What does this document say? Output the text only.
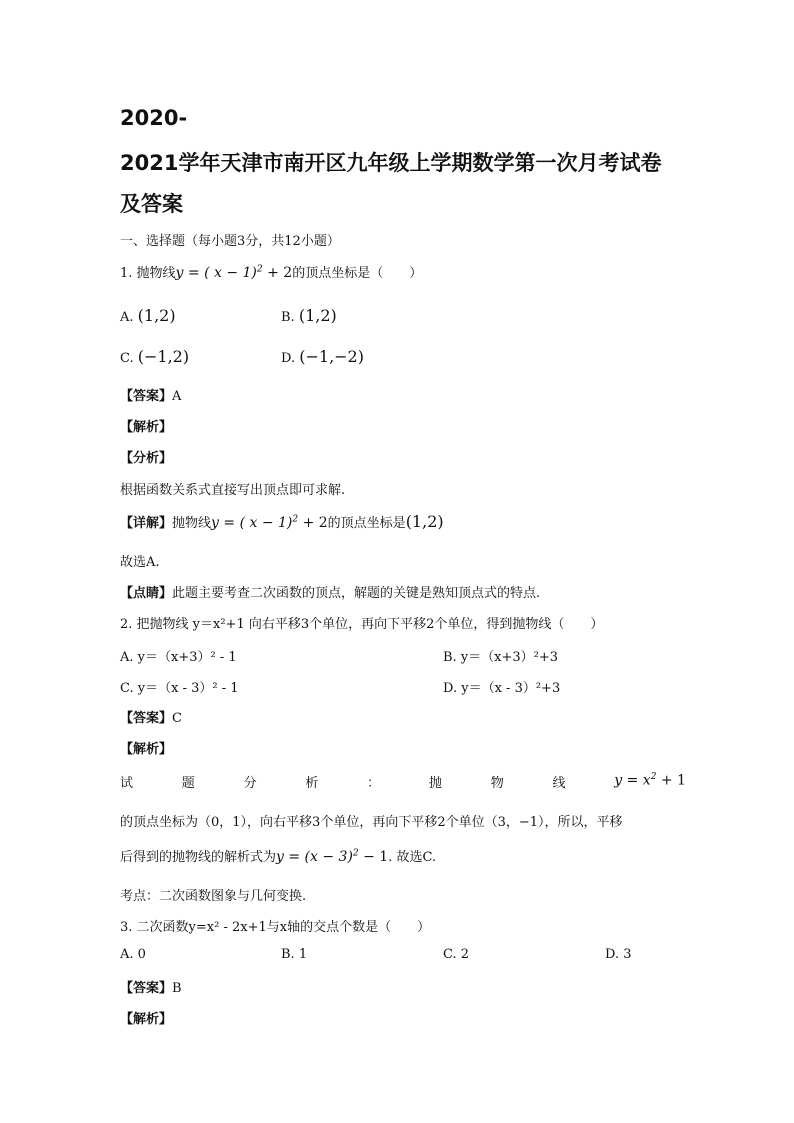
2020-
2021学年天津市南开区九年级上学期数学第一次月考试卷
及答案
一、选择题（每小题3分，共12小题）
1. 抛物线y = ( x − 1)$^2$ + 2的顶点坐标是（　　）
A. (1,2)	B. (1,2)
C. (−1,2)	D. (−1,−2)
【答案】A
【解析】
【分析】
根据函数关系式直接写出顶点即可求解.
【详解】抛物线y = ( x − 1)$^2$ + 2的顶点坐标是(1,2)
故选A.
【点睛】此题主要考查二次函数的顶点，解题的关键是熟知顶点式的特点.
2. 把抛物线 y＝x²+1 向右平移3个单位，再向下平移2个单位，得到抛物线（　　）
A. y＝（x+3）² - 1	B. y＝（x+3）²+3
C. y＝（x - 3）² - 1	D. y＝（x - 3）²+3
【答案】C
【解析】
试	题	分	析	：	抛	物	线	$y = x^2 + 1$
的顶点坐标为（0，1），向右平移3个单位，再向下平移2个单位（3，−1），所以，平移
后得到的抛物线的解析式为$y = (x - 3)^2 - 1$. 故选C.
考点：二次函数图象与几何变换.
3. 二次函数y=x² - 2x+1与x轴的交点个数是（　　）
A. 0	B. 1	C. 2	D. 3
【答案】B
【解析】
